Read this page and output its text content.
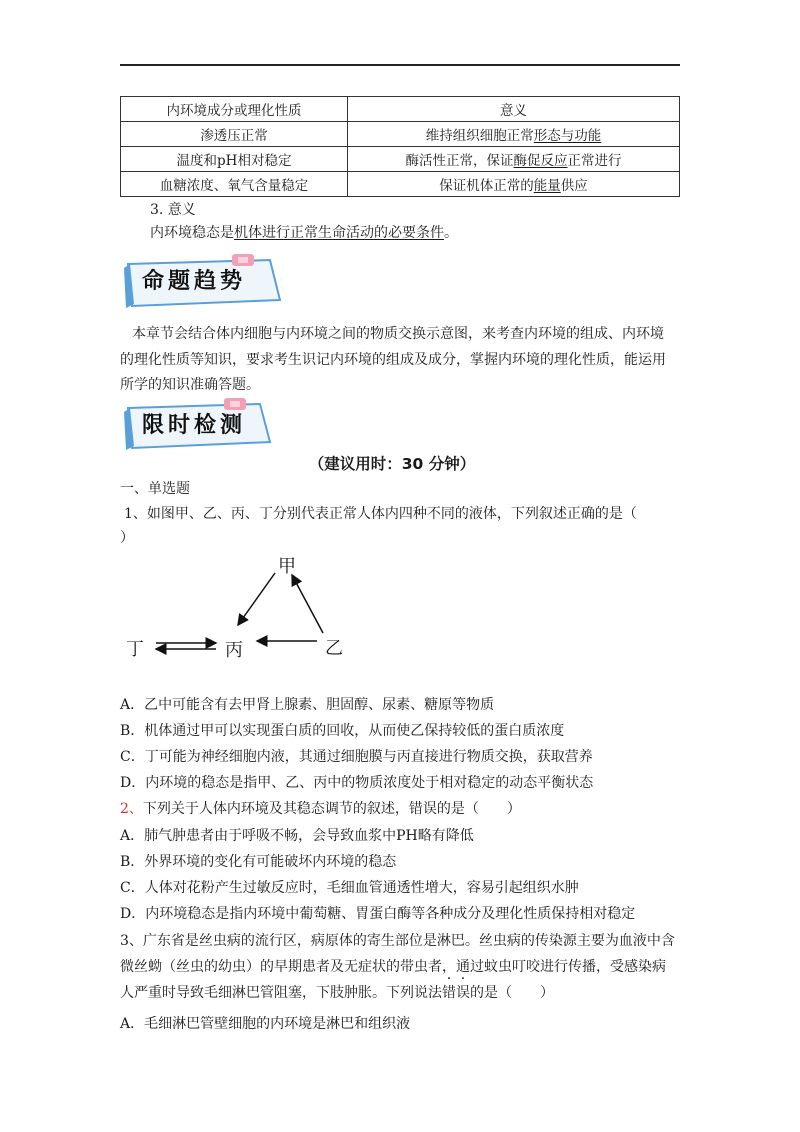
内环境成分或理化性质	意义
渗透压正常	维持组织细胞正常形态与功能
温度和pH相对稳定	酶活性正常，保证酶促反应正常进行
血糖浓度、氧气含量稳定	保证机体正常的能量供应
3. 意义
内环境稳态是机体进行正常生命活动的必要条件。
命题趋势
本章节会结合体内细胞与内环境之间的物质交换示意图，来考查内环境的组成、内环境
的理化性质等知识，要求考生识记内环境的组成及成分，掌握内环境的理化性质，能运用
所学的知识准确答题。
限时检测
（建议用时：30 分钟）
一、单选题
1、如图甲、乙、丙、丁分别代表正常人体内四种不同的液体，下列叙述正确的是（
）
甲
丁	丙	乙
A．乙中可能含有去甲肾上腺素、胆固醇、尿素、糖原等物质
B．机体通过甲可以实现蛋白质的回收，从而使乙保持较低的蛋白质浓度
C．丁可能为神经细胞内液，其通过细胞膜与丙直接进行物质交换，获取营养
D．内环境的稳态是指甲、乙、丙中的物质浓度处于相对稳定的动态平衡状态
2、下列关于人体内环境及其稳态调节的叙述，错误的是（　　）
A．肺气肿患者由于呼吸不畅，会导致血浆中PH略有降低
B．外界环境的变化有可能破坏内环境的稳态
C．人体对花粉产生过敏反应时，毛细血管通透性增大，容易引起组织水肿
D．内环境稳态是指内环境中葡萄糖、胃蛋白酶等各种成分及理化性质保持相对稳定
3、广东省是丝虫病的流行区，病原体的寄生部位是淋巴。丝虫病的传染源主要为血液中含
微丝蚴（丝虫的幼虫）的早期患者及无症状的带虫者，通过蚊虫叮咬进行传播，受感染病
人严重时导致毛细淋巴管阻塞，下肢肿胀。下列说法错误的是（　　）
A．毛细淋巴管壁细胞的内环境是淋巴和组织液
